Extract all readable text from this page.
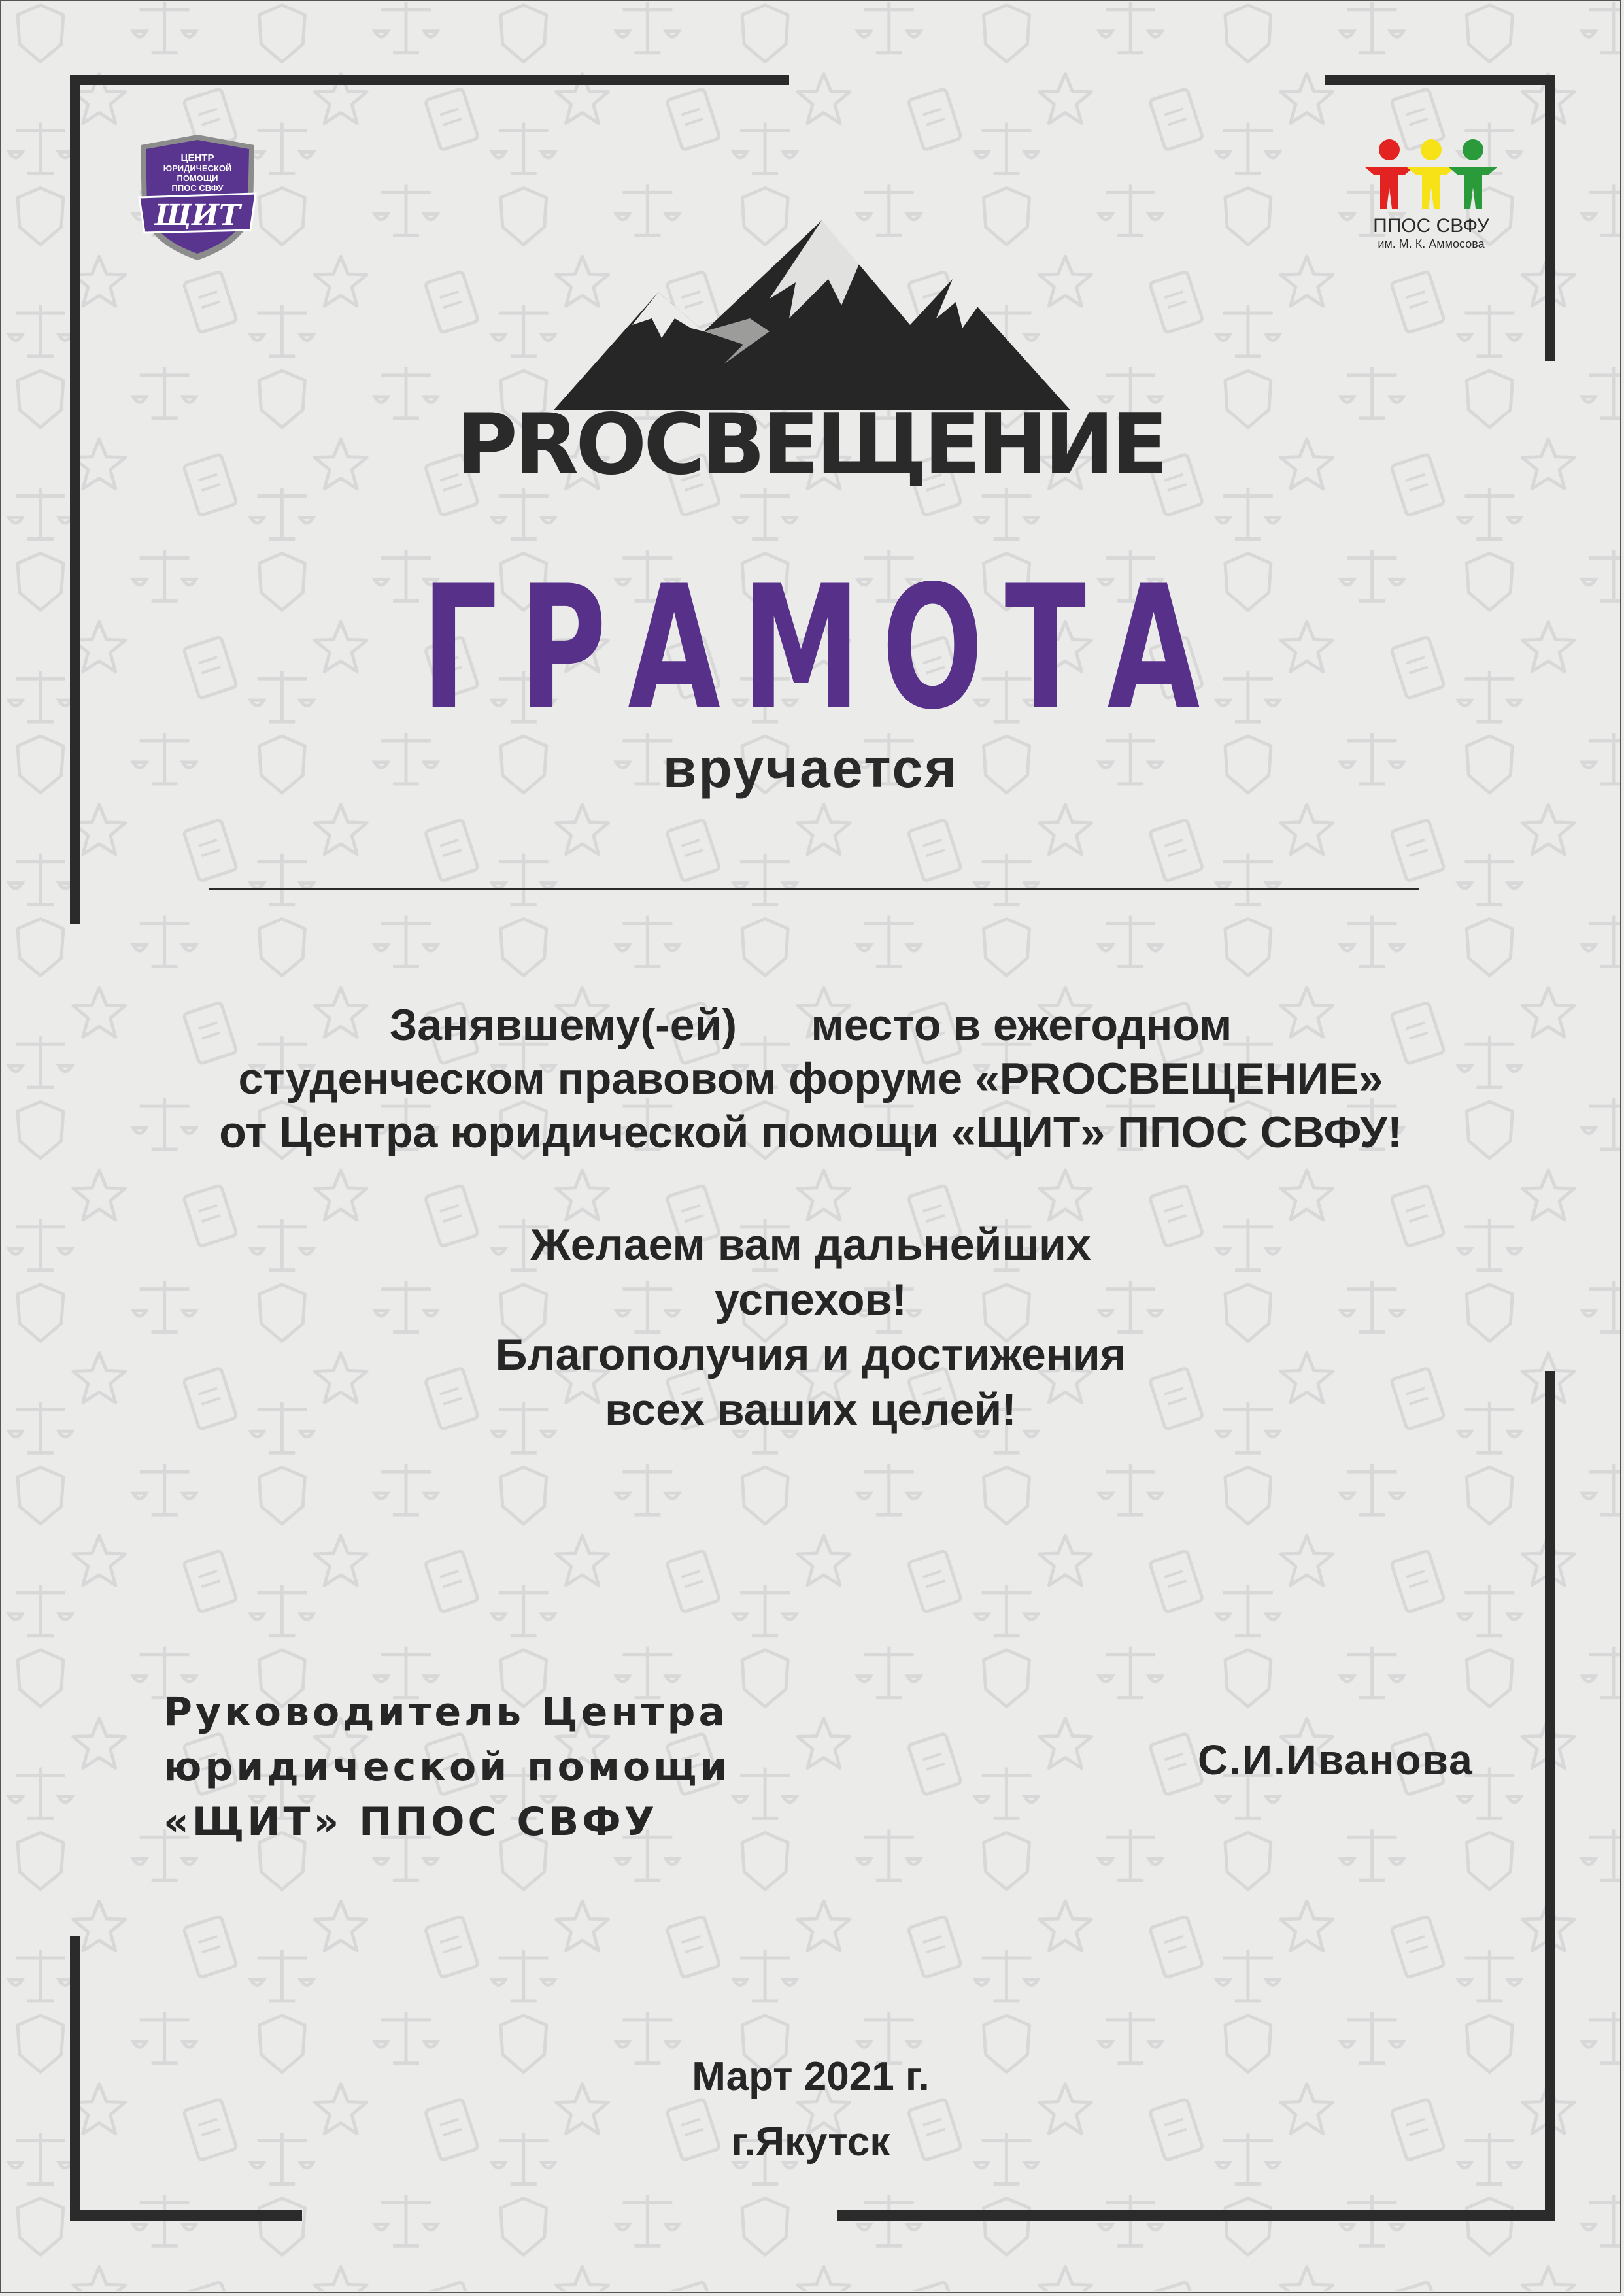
ЦЕНТР
ЮРИДИЧЕСКОЙ
ПОМОЩИ
ППОС СВФУ
ЩИТ	ППОС СВФУ
им. М. К. Аммосова
PROСВЕЩЕНИЕ
ГРАМОТА
вручается
Занявшему(-ей)      место в ежегодном
студенческом правовом форуме «PROСВЕЩЕНИЕ»
от Центра юридической помощи «ЩИТ» ППОС СВФУ!
Желаем вам дальнейших
успехов!
Благополучия и достижения
всех ваших целей!
Руководитель Центра
юридической помощи
«ЩИТ» ППОС СВФУ
С.И.Иванова
Март 2021 г.
г.Якутск
